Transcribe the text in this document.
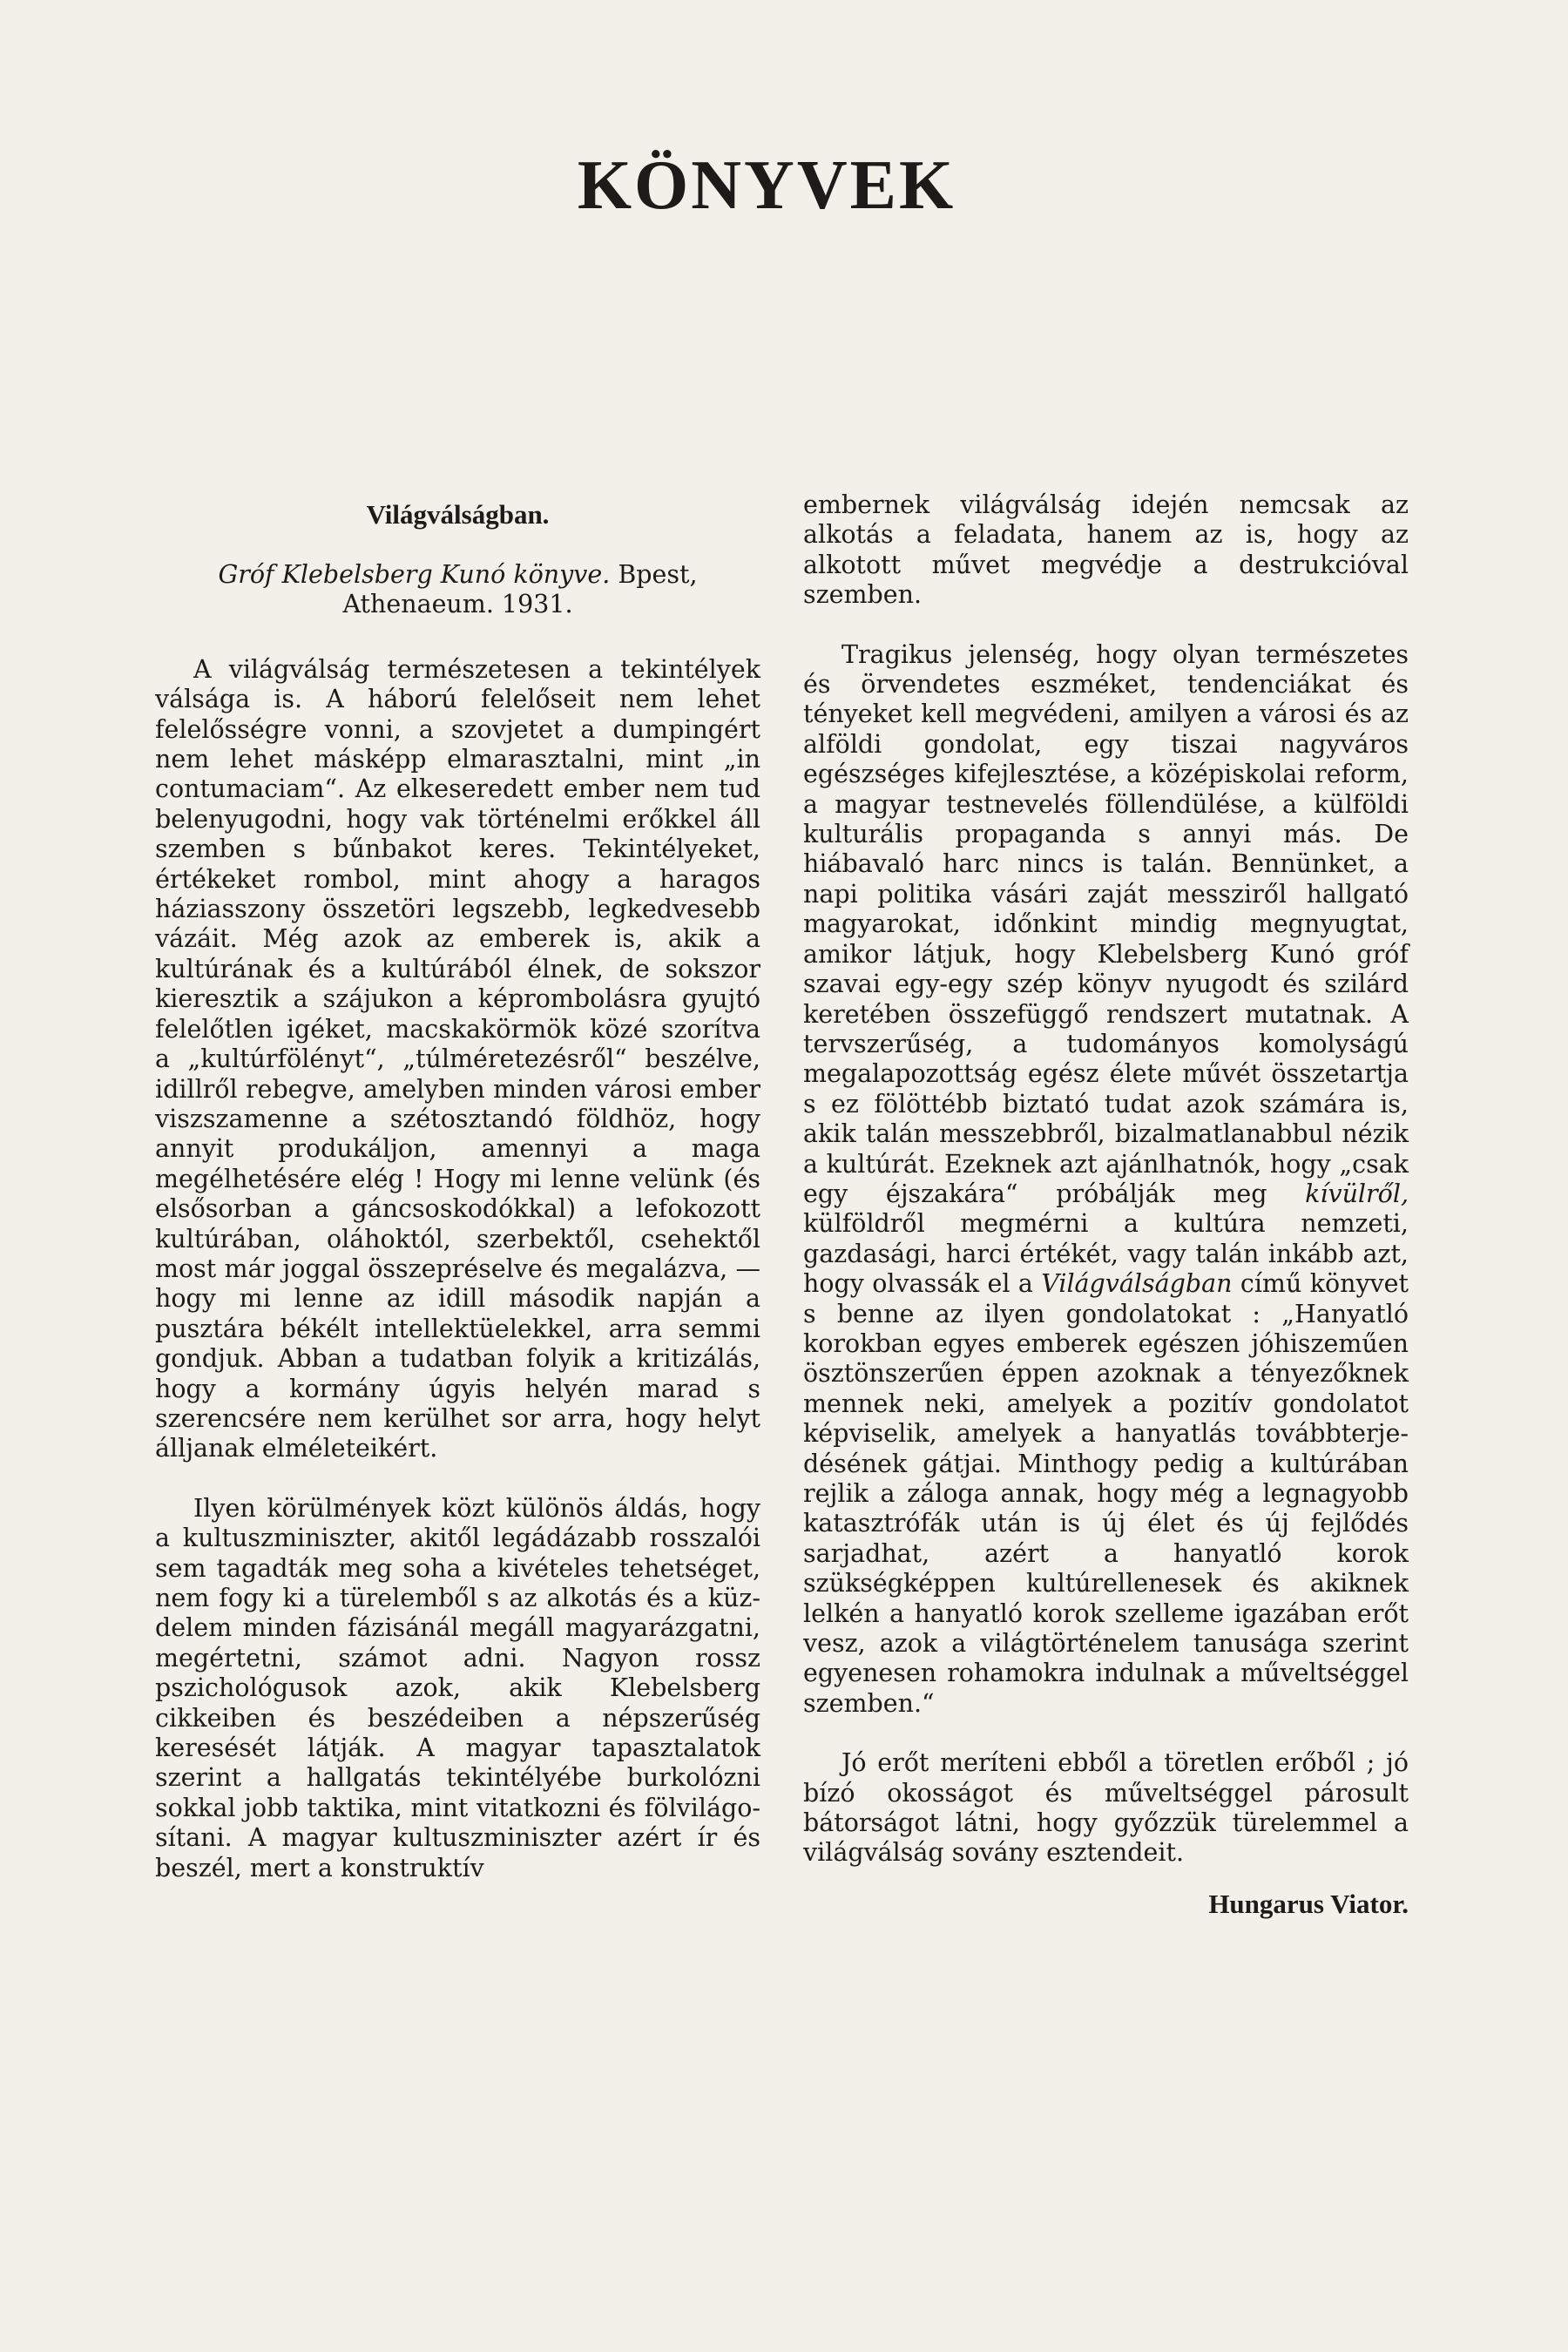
KÖNYVEK
Világválságban.
Gróf Klebelsberg Kunó könyve. Bpest,
Athenaeum. 1931.

A világválság természetesen a tekintélyek válsága is. A háború felelőseit nem lehet felelősségre vonni, a szovjetet a dumpingért nem lehet másképp elmarasztalni, mint „in contumaciam“. Az elkeseredett ember nem tud belenyugodni, hogy vak történelmi erőkkel áll szemben s bűnbakot keres. Tekintélyeket, értékeket rombol, mint ahogy a haragos háziasszony összetöri legszebb, legkedvesebb vázáit. Még azok az emberek is, akik a kultúrának és a kultúrából élnek, de sokszor kieresztik a szájukon a képrombolásra gyujtó felelőtlen igéket, macskakörmök közé szorítva a „kultúrfölényt“, „túlméretezésről“ beszélve, idillről rebegve, amelyben minden városi ember viszszamenne a szétosztandó földhöz, hogy annyit produkáljon, amennyi a maga megélhetésére elég ! Hogy mi lenne velünk (és elsősorban a gáncsoskodókkal) a lefokozott kultúrában, oláhoktól, szerbektől, csehektől most már joggal összepréselve és megalázva, — hogy mi lenne az idill második napján a pusztára békélt intellektüelekkel, arra semmi gondjuk. Abban a tudatban folyik a kritizálás, hogy a kormány úgyis helyén marad s szerencsére nem kerülhet sor arra, hogy helyt álljanak elméleteikért.

Ilyen körülmények közt különös áldás, hogy a kultuszminiszter, akitől legádázabb rosszalói sem tagadták meg soha a kivételes tehetséget, nem fogy ki a türelemből s az alkotás és a küzdelem minden fázisánál megáll magyarázgatni, megértetni, számot adni. Nagyon rossz pszichológusok azok, akik Klebelsberg cikkeiben és beszédeiben a népszerűség keresését látják. A magyar tapasztalatok szerint a hallgatás tekintélyébe burkolózni sokkal jobb taktika, mint vitatkozni és fölvilágosítani. A magyar kultuszminiszter azért ír és beszél, mert a konstruktív

embernek világválság idején nemcsak az alkotás a feladata, hanem az is, hogy az alkotott művet megvédje a destrukcióval szemben.

Tragikus jelenség, hogy olyan természetes és örvendetes eszméket, tendenciákat és tényeket kell megvédeni, amilyen a városi és az alföldi gondolat, egy tiszai nagyváros egészséges kifejlesztése, a középiskolai reform, a magyar testnevelés föllendülése, a külföldi kulturális propaganda s annyi más. De hiábavaló harc nincs is talán. Bennünket, a napi politika vásári zaját messziről hallgató magyarokat, időnkint mindig megnyugtat, amikor látjuk, hogy Klebelsberg Kunó gróf szavai egy-egy szép könyv nyugodt és szilárd keretében összefüggő rendszert mutatnak. A tervszerűség, a tudományos komolyságú megalapozottság egész élete művét összetartja s ez fölöttébb biztató tudat azok számára is, akik talán messzebbről, bizalmatlanabbul nézik a kultúrát. Ezeknek azt ajánlhatnók, hogy „csak egy éjszakára“ próbálják meg kívülről, külföldről megmérni a kultúra nemzeti, gazdasági, harci értékét, vagy talán inkább azt, hogy olvassák el a Világválságban című könyvet s benne az ilyen gondolatokat : „Hanyatló korokban egyes emberek egészen jóhiszeműen ösztönszerűen éppen azoknak a tényezőknek mennek neki, amelyek a pozitív gondolatot képviselik, amelyek a hanyatlás továbbterjedésének gátjai. Minthogy pedig a kultúrában rejlik a záloga annak, hogy még a legnagyobb katasztrófák után is új élet és új fejlődés sarjadhat, azért a hanyatló korok szükségképpen kultúrellenesek és akiknek lelkén a hanyatló korok szelleme igazában erőt vesz, azok a világtörténelem tanusága szerint egyenesen rohamokra indulnak a műveltséggel szemben.“

Jó erőt meríteni ebből a töretlen erőből ; jó bízó okosságot és műveltséggel párosult bátorságot látni, hogy győzzük türelemmel a világválság sovány esztendeit.

Hungarus Viator.
